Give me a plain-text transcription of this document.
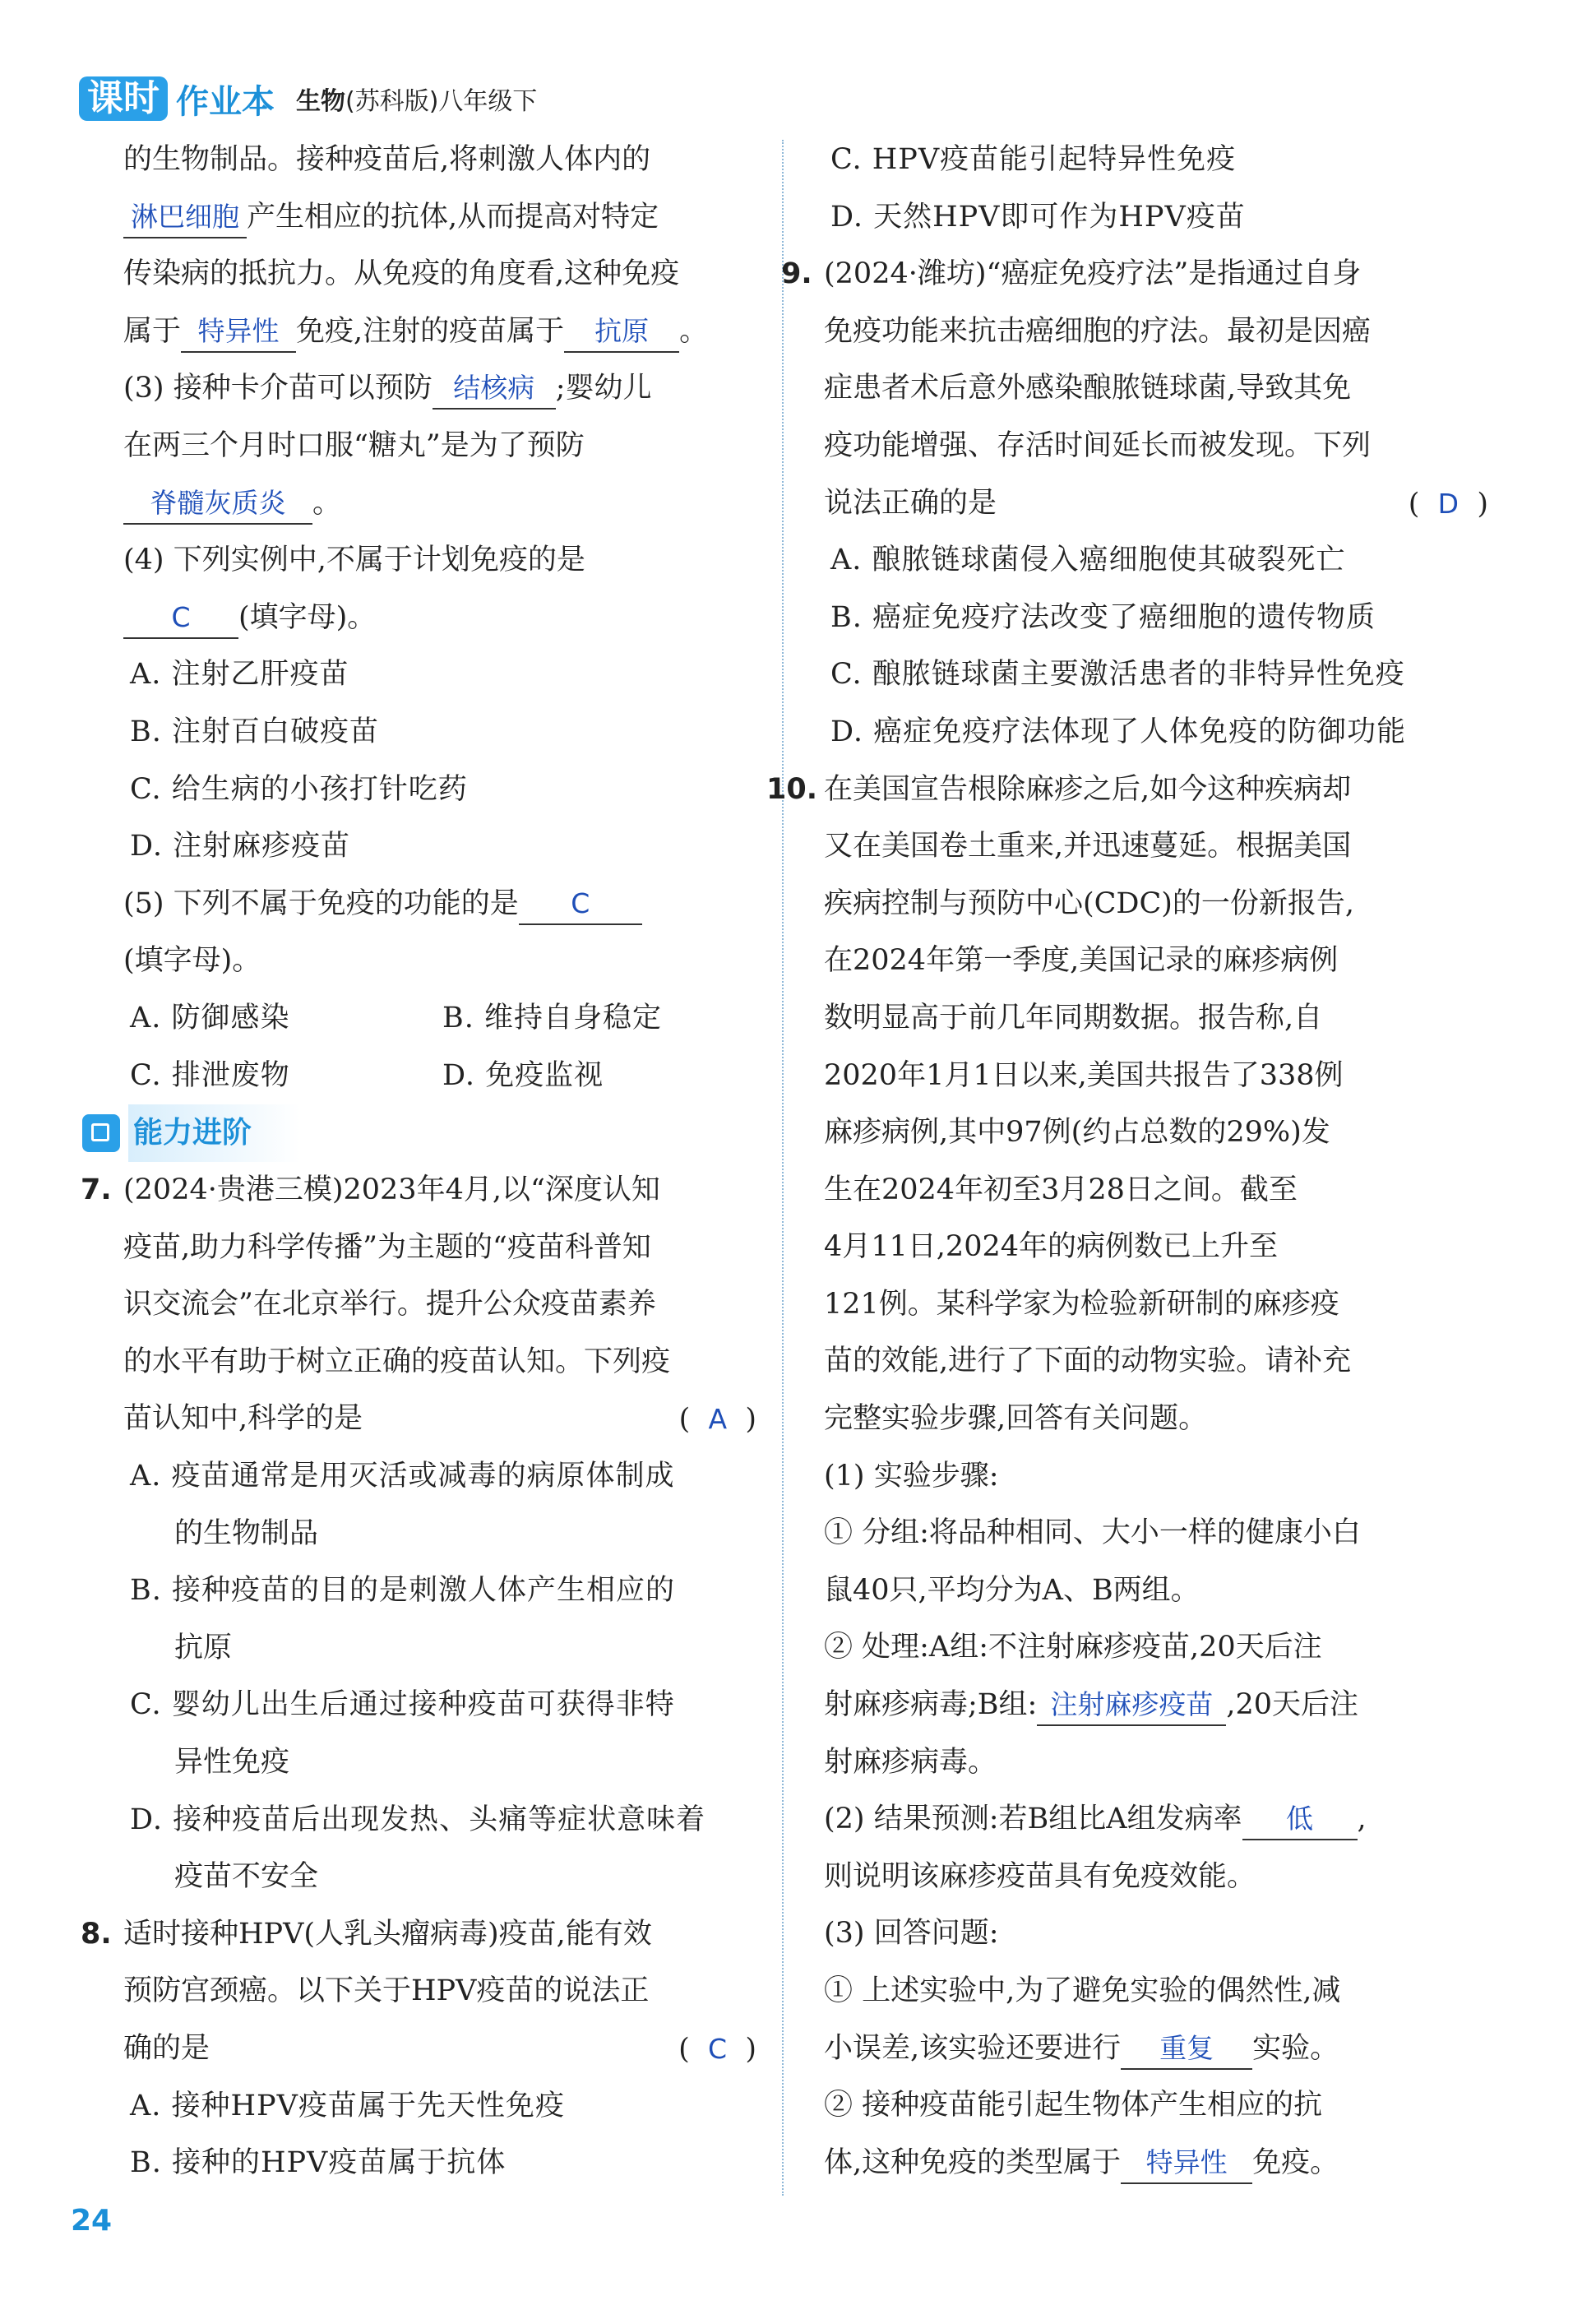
课时 作业本 生物(苏科版)八年级下
的生物制品。接种疫苗后,将刺激人体内的
淋巴细胞 产生相应的抗体,从而提高对特定
传染病的抵抗力。从免疫的角度看,这种免疫
属于 特异性 免疫,注射的疫苗属于 抗原 。
(3) 接种卡介苗可以预防 结核病 ;婴幼儿
在两三个月时口服“糖丸”是为了预防
脊髓灰质炎 。
(4) 下列实例中,不属于计划免疫的是
C (填字母)。
A. 注射乙肝疫苗
B. 注射百白破疫苗
C. 给生病的小孩打针吃药
D. 注射麻疹疫苗
(5) 下列不属于免疫的功能的是 C
(填字母)。
A. 防御感染	B. 维持自身稳定
C. 排泄废物	D. 免疫监视
能力进阶
7. (2024·贵港三模)2023年4月,以“深度认知
疫苗,助力科学传播”为主题的“疫苗科普知
识交流会”在北京举行。提升公众疫苗素养
的水平有助于树立正确的疫苗认知。下列疫
苗认知中,科学的是	(  A  )
A. 疫苗通常是用灭活或减毒的病原体制成
的生物制品
B. 接种疫苗的目的是刺激人体产生相应的
抗原
C. 婴幼儿出生后通过接种疫苗可获得非特
异性免疫
D. 接种疫苗后出现发热、头痛等症状意味着
疫苗不安全
8. 适时接种HPV(人乳头瘤病毒)疫苗,能有效
预防宫颈癌。以下关于HPV疫苗的说法正
确的是	(  C  )
A. 接种HPV疫苗属于先天性免疫
B. 接种的HPV疫苗属于抗体
C. HPV疫苗能引起特异性免疫
D. 天然HPV即可作为HPV疫苗
9. (2024·潍坊)“癌症免疫疗法”是指通过自身
免疫功能来抗击癌细胞的疗法。最初是因癌
症患者术后意外感染酿脓链球菌,导致其免
疫功能增强、存活时间延长而被发现。下列
说法正确的是	(  D  )
A. 酿脓链球菌侵入癌细胞使其破裂死亡
B. 癌症免疫疗法改变了癌细胞的遗传物质
C. 酿脓链球菌主要激活患者的非特异性免疫
D. 癌症免疫疗法体现了人体免疫的防御功能
10. 在美国宣告根除麻疹之后,如今这种疾病却
又在美国卷土重来,并迅速蔓延。根据美国
疾病控制与预防中心(CDC)的一份新报告,
在2024年第一季度,美国记录的麻疹病例
数明显高于前几年同期数据。报告称,自
2020年1月1日以来,美国共报告了338例
麻疹病例,其中97例(约占总数的29%)发
生在2024年初至3月28日之间。截至
4月11日,2024年的病例数已上升至
121例。某科学家为检验新研制的麻疹疫
苗的效能,进行了下面的动物实验。请补充
完整实验步骤,回答有关问题。
(1) 实验步骤:
① 分组:将品种相同、大小一样的健康小白
鼠40只,平均分为A、B两组。
② 处理:A组:不注射麻疹疫苗,20天后注
射麻疹病毒;B组: 注射麻疹疫苗 ,20天后注
射麻疹病毒。
(2) 结果预测:若B组比A组发病率 低 ,
则说明该麻疹疫苗具有免疫效能。
(3) 回答问题:
① 上述实验中,为了避免实验的偶然性,减
小误差,该实验还要进行 重复 实验。
② 接种疫苗能引起生物体产生相应的抗
体,这种免疫的类型属于 特异性 免疫。
24
